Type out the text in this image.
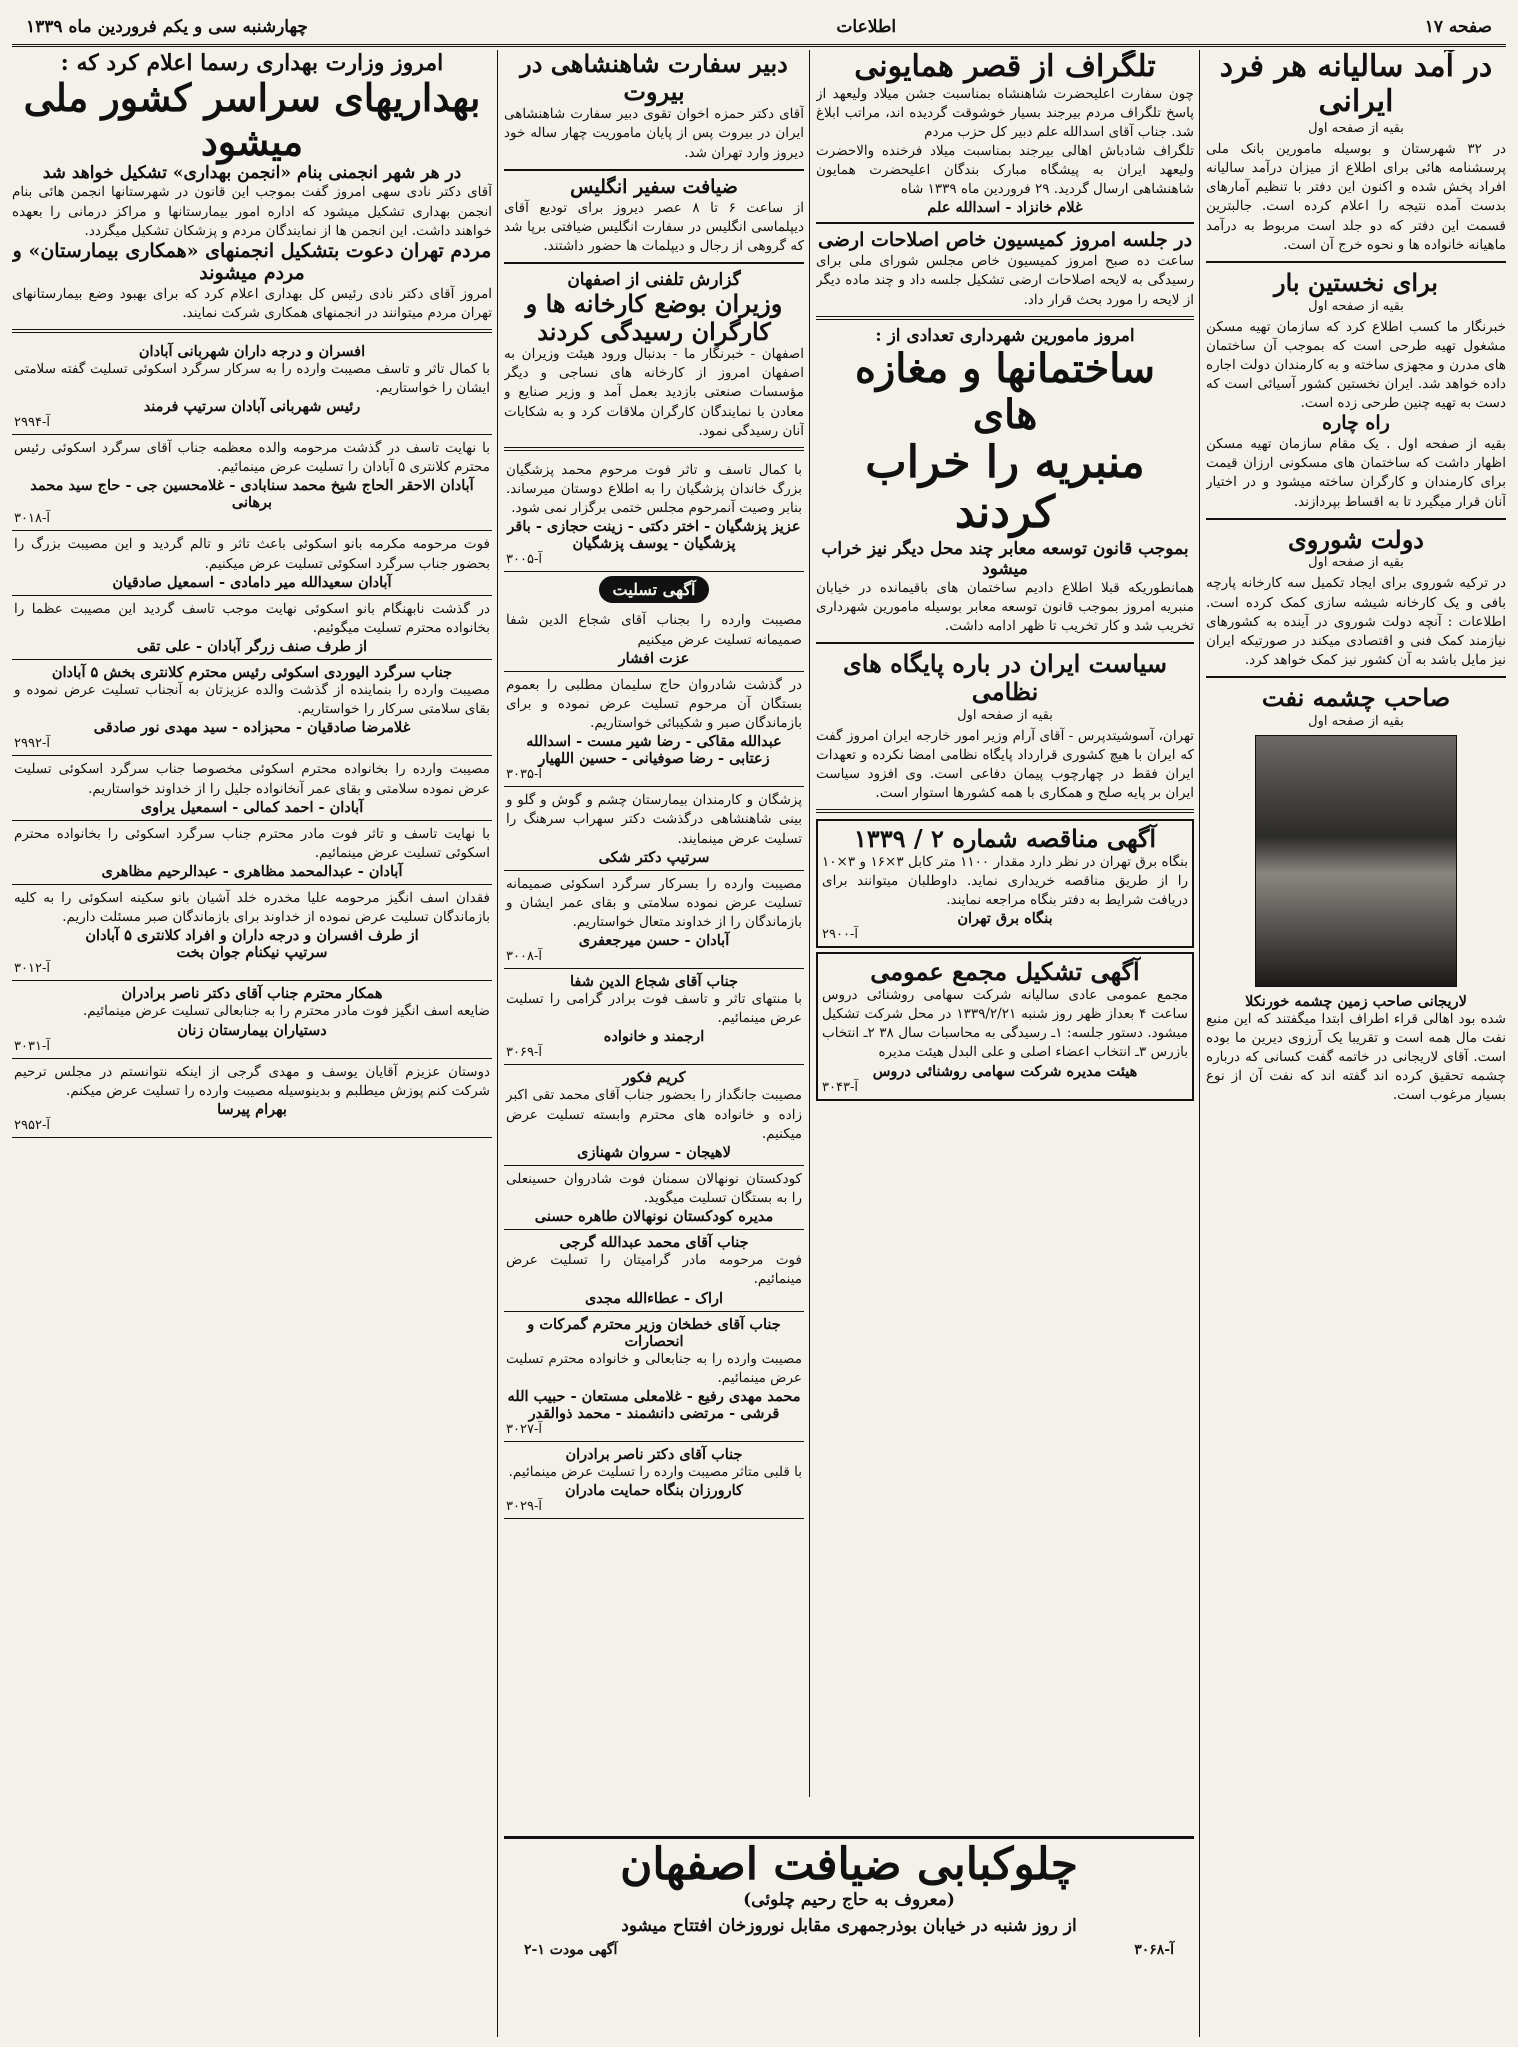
صفحه ۱۷
اطلاعات
چهارشنبه سی و یکم فروردین ماه ۱۳۳۹
در آمد سالیانه هر فرد ایرانی
بقیه از صفحه اول

در ۳۲ شهرستان و بوسیله مامورین بانک ملی پرسشنامه هائی برای اطلاع از میزان درآمد سالیانه افراد پخش شده و اکنون این دفتر با تنظیم آمارهای بدست آمده نتیجه را اعلام کرده است. جالبترین قسمت این دفتر که دو جلد است مربوط به درآمد ماهیانه خانواده ها و نحوه خرج آن است.

برای نخستین بار
بقیه از صفحه اول

خبرنگار ما کسب اطلاع کرد که سازمان تهیه مسکن مشغول تهیه طرحی است که بموجب آن ساختمان های مدرن و مجهزی ساخته و به کارمندان دولت اجاره داده خواهد شد. ایران نخستین کشور آسیائی است که دست به تهیه چنین طرحی زده است.

راه چاره

بقیه از صفحه اول . یک مقام سازمان تهیه مسکن اظهار داشت که ساختمان های مسکونی ارزان قیمت برای کارمندان و کارگران ساخته میشود و در اختیار آنان قرار میگیرد تا به اقساط بپردازند.

دولت شوروی
بقیه از صفحه اول

در ترکیه شوروی برای ایجاد تکمیل سه کارخانه پارچه بافی و یک کارخانه شیشه سازی کمک کرده است. اطلاعات : آنچه دولت شوروی در آینده به کشورهای نیازمند کمک فنی و اقتصادی میکند در صورتیکه ایران نیز مایل باشد به آن کشور نیز کمک خواهد کرد.

صاحب چشمه نفت
بقیه از صفحه اول
لاریجانی صاحب زمین چشمه خورنکلا

شده بود اهالی قراء اطراف ابتدا میگفتند که این منبع نفت مال همه است و تقریبا یک آرزوی دیرین ما بوده است. آقای لاریجانی در خاتمه گفت کسانی که درباره چشمه تحقیق کرده اند گفته اند که نفت آن از نوع بسیار مرغوب است.

تلگراف از قصر همایونی

چون سفارت اعلیحضرت شاهنشاه بمناسبت جشن میلاد ولیعهد از پاسخ تلگراف مردم بیرجند بسیار خوشوقت گردیده اند، مراتب ابلاغ شد. جناب آقای اسدالله علم دبیر کل حزب مردم

تلگراف شادباش اهالی بیرجند بمناسبت میلاد فرخنده والاحضرت ولیعهد ایران به پیشگاه مبارک بندگان اعلیحضرت همایون شاهنشاهی ارسال گردید. ۲۹ فروردین ماه ۱۳۳۹ شاه

غلام خانزاد - اسدالله علم
در جلسه امروز کمیسیون خاص اصلاحات ارضی

ساعت ده صبح امروز کمیسیون خاص مجلس شورای ملی برای رسیدگی به لایحه اصلاحات ارضی تشکیل جلسه داد و چند ماده دیگر از لایحه را مورد بحث قرار داد.

امروز مامورین شهرداری تعدادی از :
ساختمانها و مغازه های
منبریه را خراب کردند
بموجب قانون توسعه معابر چند محل دیگر نیز خراب میشود

همانطوریکه قبلا اطلاع دادیم ساختمان های باقیمانده در خیابان منبریه امروز بموجب قانون توسعه معابر بوسیله مامورین شهرداری تخریب شد و کار تخریب تا ظهر ادامه داشت.

سیاست ایران در باره پایگاه های نظامی
بقیه از صفحه اول

تهران، آسوشیتدپرس - آقای آرام وزیر امور خارجه ایران امروز گفت که ایران با هیچ کشوری قرارداد پایگاه نظامی امضا نکرده و تعهدات ایران فقط در چهارچوب پیمان دفاعی است. وی افزود سیاست ایران بر پایه صلح و همکاری با همه کشورها استوار است.

آگهی مناقصه شماره ۲ / ۱۳۳۹

بنگاه برق تهران در نظر دارد مقدار ۱۱۰۰ متر کابل ۳×۱۶ و ۳×۱۰ را از طریق مناقصه خریداری نماید. داوطلبان میتوانند برای دریافت شرایط به دفتر بنگاه مراجعه نمایند.

بنگاه برق تهران
آ-۲۹۰۰
آگهی تشکیل مجمع عمومی

مجمع عمومی عادی سالیانه شرکت سهامی روشنائی دروس ساعت ۴ بعداز ظهر روز شنبه ۱۳۳۹/۲/۲۱ در محل شرکت تشکیل میشود. دستور جلسه: ۱ـ رسیدگی به محاسبات سال ۳۸ ۲ـ انتخاب بازرس ۳ـ انتخاب اعضاء اصلی و علی البدل هیئت مدیره

هیئت مدیره شرکت سهامی روشنائی دروس
آ-۳۰۴۳
دبیر سفارت شاهنشاهی در بیروت

آقای دکتر حمزه اخوان تقوی دبیر سفارت شاهنشاهی ایران در بیروت پس از پایان ماموریت چهار ساله خود دیروز وارد تهران شد.

ضیافت سفیر انگلیس

از ساعت ۶ تا ۸ عصر دیروز برای تودیع آقای دیپلماسی انگلیس در سفارت انگلیس ضیافتی برپا شد که گروهی از رجال و دیپلمات ها حضور داشتند.

گزارش تلفنی از اصفهان
وزیران بوضع کارخانه ها و کارگران رسیدگی کردند

اصفهان - خبرنگار ما - بدنبال ورود هیئت وزیران به اصفهان امروز از کارخانه های نساجی و دیگر مؤسسات صنعتی بازدید بعمل آمد و وزیر صنایع و معادن با نمایندگان کارگران ملاقات کرد و به شکایات آنان رسیدگی نمود.

با کمال تاسف و تاثر فوت مرحوم محمد پزشگیان بزرگ خاندان پزشگیان را به اطلاع دوستان میرساند. بنابر وصیت آنمرحوم مجلس ختمی برگزار نمی شود.

عزیز پزشگیان - اختر دکتی - زینت حجازی - باقر پزشگیان - یوسف پزشگیان
آ-۳۰۰۵
آگهی تسلیت

مصیبت وارده را بجناب آقای شجاع الدین شفا صمیمانه تسلیت عرض میکنیم

عزت افشار

در گذشت شادروان حاج سلیمان مطلبی را بعموم بستگان آن مرحوم تسلیت عرض نموده و برای بازماندگان صبر و شکیبائی خواستاریم.

عبدالله مقاکی - رضا شیر مست - اسدالله زعتابی - رضا صوفیانی - حسین اللهیار
آ-۳۰۳۵

پزشگان و کارمندان بیمارستان چشم و گوش و گلو و بینی شاهنشاهی درگذشت دکتر سهراب سرهنگ را تسلیت عرض مینمایند.

سرتیپ دکتر شکی

مصیبت وارده را بسرکار سرگرد اسکوئی صمیمانه تسلیت عرض نموده سلامتی و بقای عمر ایشان و بازماندگان را از خداوند متعال خواستاریم.

آبادان - حسن میرجعفری
آ-۳۰۰۸
جناب آقای شجاع الدین شفا

با منتهای تاثر و تاسف فوت برادر گرامی را تسلیت عرض مینمائیم.

ارجمند و خانواده
آ-۳۰۶۹
کریم فکور

مصیبت جانگداز را بحضور جناب آقای محمد تقی اکبر زاده و خانواده های محترم وابسته تسلیت عرض میکنیم.

لاهیجان - سروان شهنازی

کودکستان نونهالان سمنان فوت شادروان حسینعلی را به بستگان تسلیت میگوید.

مدیره کودکستان نونهالان طاهره حسنی
جناب آقای محمد عبدالله گرجی

فوت مرحومه مادر گرامیتان را تسلیت عرض مینمائیم.

اراک - عطاءالله مجدی
جناب آقای خطخان وزیر محترم گمرکات و انحصارات

مصیبت وارده را به جنابعالی و خانواده محترم تسلیت عرض مینمائیم.

محمد مهدی رفیع - غلامعلی مستعان - حبیب الله قرشی - مرتضی دانشمند - محمد ذوالقدر
آ-۳۰۲۷
جناب آقای دکتر ناصر برادران

با قلبی متاثر مصیبت وارده را تسلیت عرض مینمائیم.

کارورزان بنگاه حمایت مادران
آ-۳۰۲۹
امروز وزارت بهداری رسما اعلام کرد که :
بهداریهای سراسر کشور ملی میشود
در هر شهر انجمنی بنام «انجمن بهداری» تشکیل خواهد شد

آقای دکتر نادی سهی امروز گفت بموجب این قانون در شهرستانها انجمن هائی بنام انجمن بهداری تشکیل میشود که اداره امور بیمارستانها و مراکز درمانی را بعهده خواهند داشت. این انجمن ها از نمایندگان مردم و پزشکان تشکیل میگردد.

مردم تهران دعوت بتشکیل انجمنهای «همکاری بیمارستان» و مردم میشوند

امروز آقای دکتر نادی رئیس کل بهداری اعلام کرد که برای بهبود وضع بیمارستانهای تهران مردم میتوانند در انجمنهای همکاری شرکت نمایند.

افسران و درجه داران شهربانی آبادان

با کمال تاثر و تاسف مصیبت وارده را به سرکار سرگرد اسکوئی تسلیت گفته سلامتی ایشان را خواستاریم.

رئیس شهربانی آبادان سرتیپ فرمند
آ-۲۹۹۴

با نهایت تاسف در گذشت مرحومه والده معظمه جناب آقای سرگرد اسکوئی رئیس محترم کلانتری ۵ آبادان را تسلیت عرض مینمائیم.

آبادان الاحقر الحاج شیخ محمد سنابادی - غلامحسین جی - حاج سید محمد برهانی
آ-۳۰۱۸

فوت مرحومه مکرمه بانو اسکوئی باعث تاثر و تالم گردید و این مصیبت بزرگ را بحضور جناب سرگرد اسکوئی تسلیت عرض میکنیم.

آبادان سعیدالله میر دامادی - اسمعیل صادقیان

در گذشت نابهنگام بانو اسکوئی نهایت موجب تاسف گردید این مصیبت عظما را بخانواده محترم تسلیت میگوئیم.

از طرف صنف زرگر آبادان - علی تقی
جناب سرگرد الیوردی اسکوئی رئیس محترم کلانتری بخش ۵ آبادان

مصیبت وارده را بنماینده از گذشت والده عزیزتان به آنجناب تسلیت عرض نموده و بقای سلامتی سرکار را خواستاریم.

غلامرضا صادقیان - محبزاده - سید مهدی نور صادقی
آ-۲۹۹۲

مصیبت وارده را بخانواده محترم اسکوئی مخصوصا جناب سرگرد اسکوئی تسلیت عرض نموده سلامتی و بقای عمر آنخانواده جلیل را از خداوند خواستاریم.

آبادان - احمد کمالی - اسمعیل یراوی

با نهایت تاسف و تاثر فوت مادر محترم جناب سرگرد اسکوئی را بخانواده محترم اسکوئی تسلیت عرض مینمائیم.

آبادان - عبدالمحمد مظاهری - عبدالرحیم مظاهری

فقدان اسف انگیز مرحومه علیا مخدره خلد آشیان بانو سکینه اسکوئی را به کلیه بازماندگان تسلیت عرض نموده از خداوند برای بازماندگان صبر مسئلت داریم.

از طرف افسران و درجه داران و افراد کلانتری ۵ آبادان
سرتیپ نیکنام جوان بخت
آ-۳۰۱۲
همکار محترم جناب آقای دکتر ناصر برادران

ضایعه اسف انگیز فوت مادر محترم را به جنابعالی تسلیت عرض مینمائیم.

دستیاران بیمارستان زنان
آ-۳۰۳۱

دوستان عزیزم آقایان یوسف و مهدی گرجی از اینکه نتوانستم در مجلس ترحیم شرکت کنم پوزش میطلبم و بدینوسیله مصیبت وارده را تسلیت عرض میکنم.

بهرام پیرسا
آ-۲۹۵۲
چلوکبابی ضیافت اصفهان
(معروف به حاج رحیم چلوئی)
از روز شنبه در خیابان بوذرجمهری مقابل نوروزخان افتتاح میشود
آ-۳۰۶۸
آگهی مودت ۱-۲
